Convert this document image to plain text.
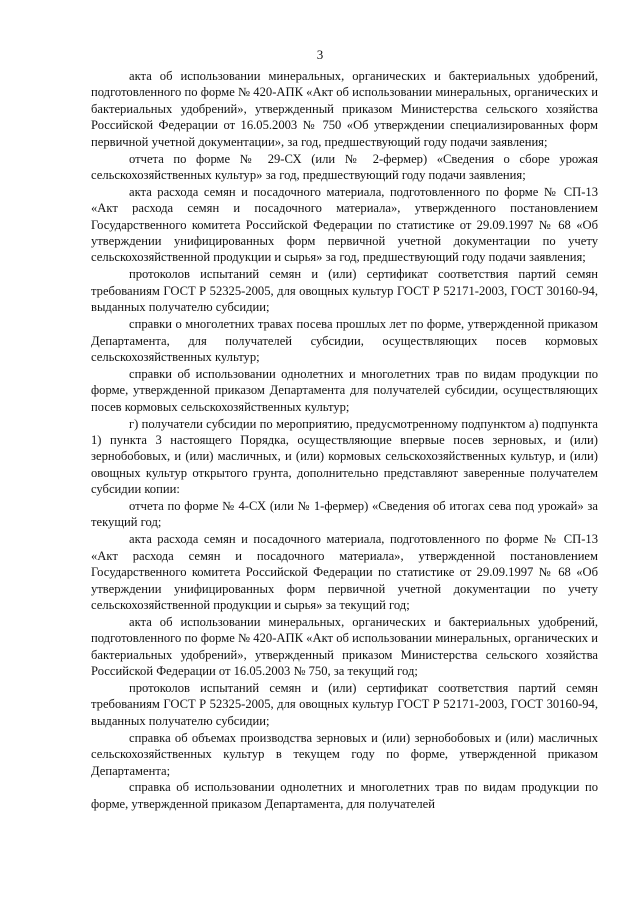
3

акта об использовании минеральных, органических и бактериальных удобрений, подготовленного по форме № 420-АПК «Акт об использовании минеральных, органических и бактериальных удобрений», утвержденный приказом Министерства сельского хозяйства Российской Федерации от 16.05.2003 № 750 «Об утверждении специализированных форм первичной учетной документации», за год, предшествующий году подачи заявления;

отчета по форме № 29-СХ (или № 2-фермер) «Сведения о сборе урожая сельскохозяйственных культур» за год, предшествующий году подачи заявления;

акта расхода семян и посадочного материала, подготовленного по форме № СП-13 «Акт расхода семян и посадочного материала», утвержденного постановлением Государственного комитета Российской Федерации по статистике от 29.09.1997 № 68 «Об утверждении унифицированных форм первичной учетной документации по учету сельскохозяйственной продукции и сырья» за год, предшествующий году подачи заявления;

протоколов испытаний семян и (или) сертификат соответствия партий семян требованиям ГОСТ Р 52325-2005, для овощных культур ГОСТ Р 52171-2003, ГОСТ 30160-94, выданных получателю субсидии;

справки о многолетних травах посева прошлых лет по форме, утвержденной приказом Департамента, для получателей субсидии, осуществляющих посев кормовых сельскохозяйственных культур;

справки об использовании однолетних и многолетних трав по видам продукции по форме, утвержденной приказом Департамента для получателей субсидии, осуществляющих посев кормовых сельскохозяйственных культур;

г) получатели субсидии по мероприятию, предусмотренному подпунктом а) подпункта 1) пункта 3 настоящего Порядка, осуществляющие впервые посев зерновых, и (или) зернобобовых, и (или) масличных, и (или) кормовых сельскохозяйственных культур, и (или) овощных культур открытого грунта, дополнительно представляют заверенные получателем субсидии копии:

отчета по форме № 4-СХ (или № 1-фермер) «Сведения об итогах сева под урожай» за текущий год;

акта расхода семян и посадочного материала, подготовленного по форме № СП-13 «Акт расхода семян и посадочного материала», утвержденной постановлением Государственного комитета Российской Федерации по статистике от 29.09.1997 № 68 «Об утверждении унифицированных форм первичной учетной документации по учету сельскохозяйственной продукции и сырья» за текущий год;

акта об использовании минеральных, органических и бактериальных удобрений, подготовленного по форме № 420-АПК «Акт об использовании минеральных, органических и бактериальных удобрений», утвержденный приказом Министерства сельского хозяйства Российской Федерации от 16.05.2003 № 750, за текущий год;

протоколов испытаний семян и (или) сертификат соответствия партий семян требованиям ГОСТ Р 52325-2005, для овощных культур ГОСТ Р 52171-2003, ГОСТ 30160-94, выданных получателю субсидии;

справка об объемах производства зерновых и (или) зернобобовых и (или) масличных сельскохозяйственных культур в текущем году по форме, утвержденной приказом Департамента;

справка об использовании однолетних и многолетних трав по видам продукции по форме, утвержденной приказом Департамента, для получателей
